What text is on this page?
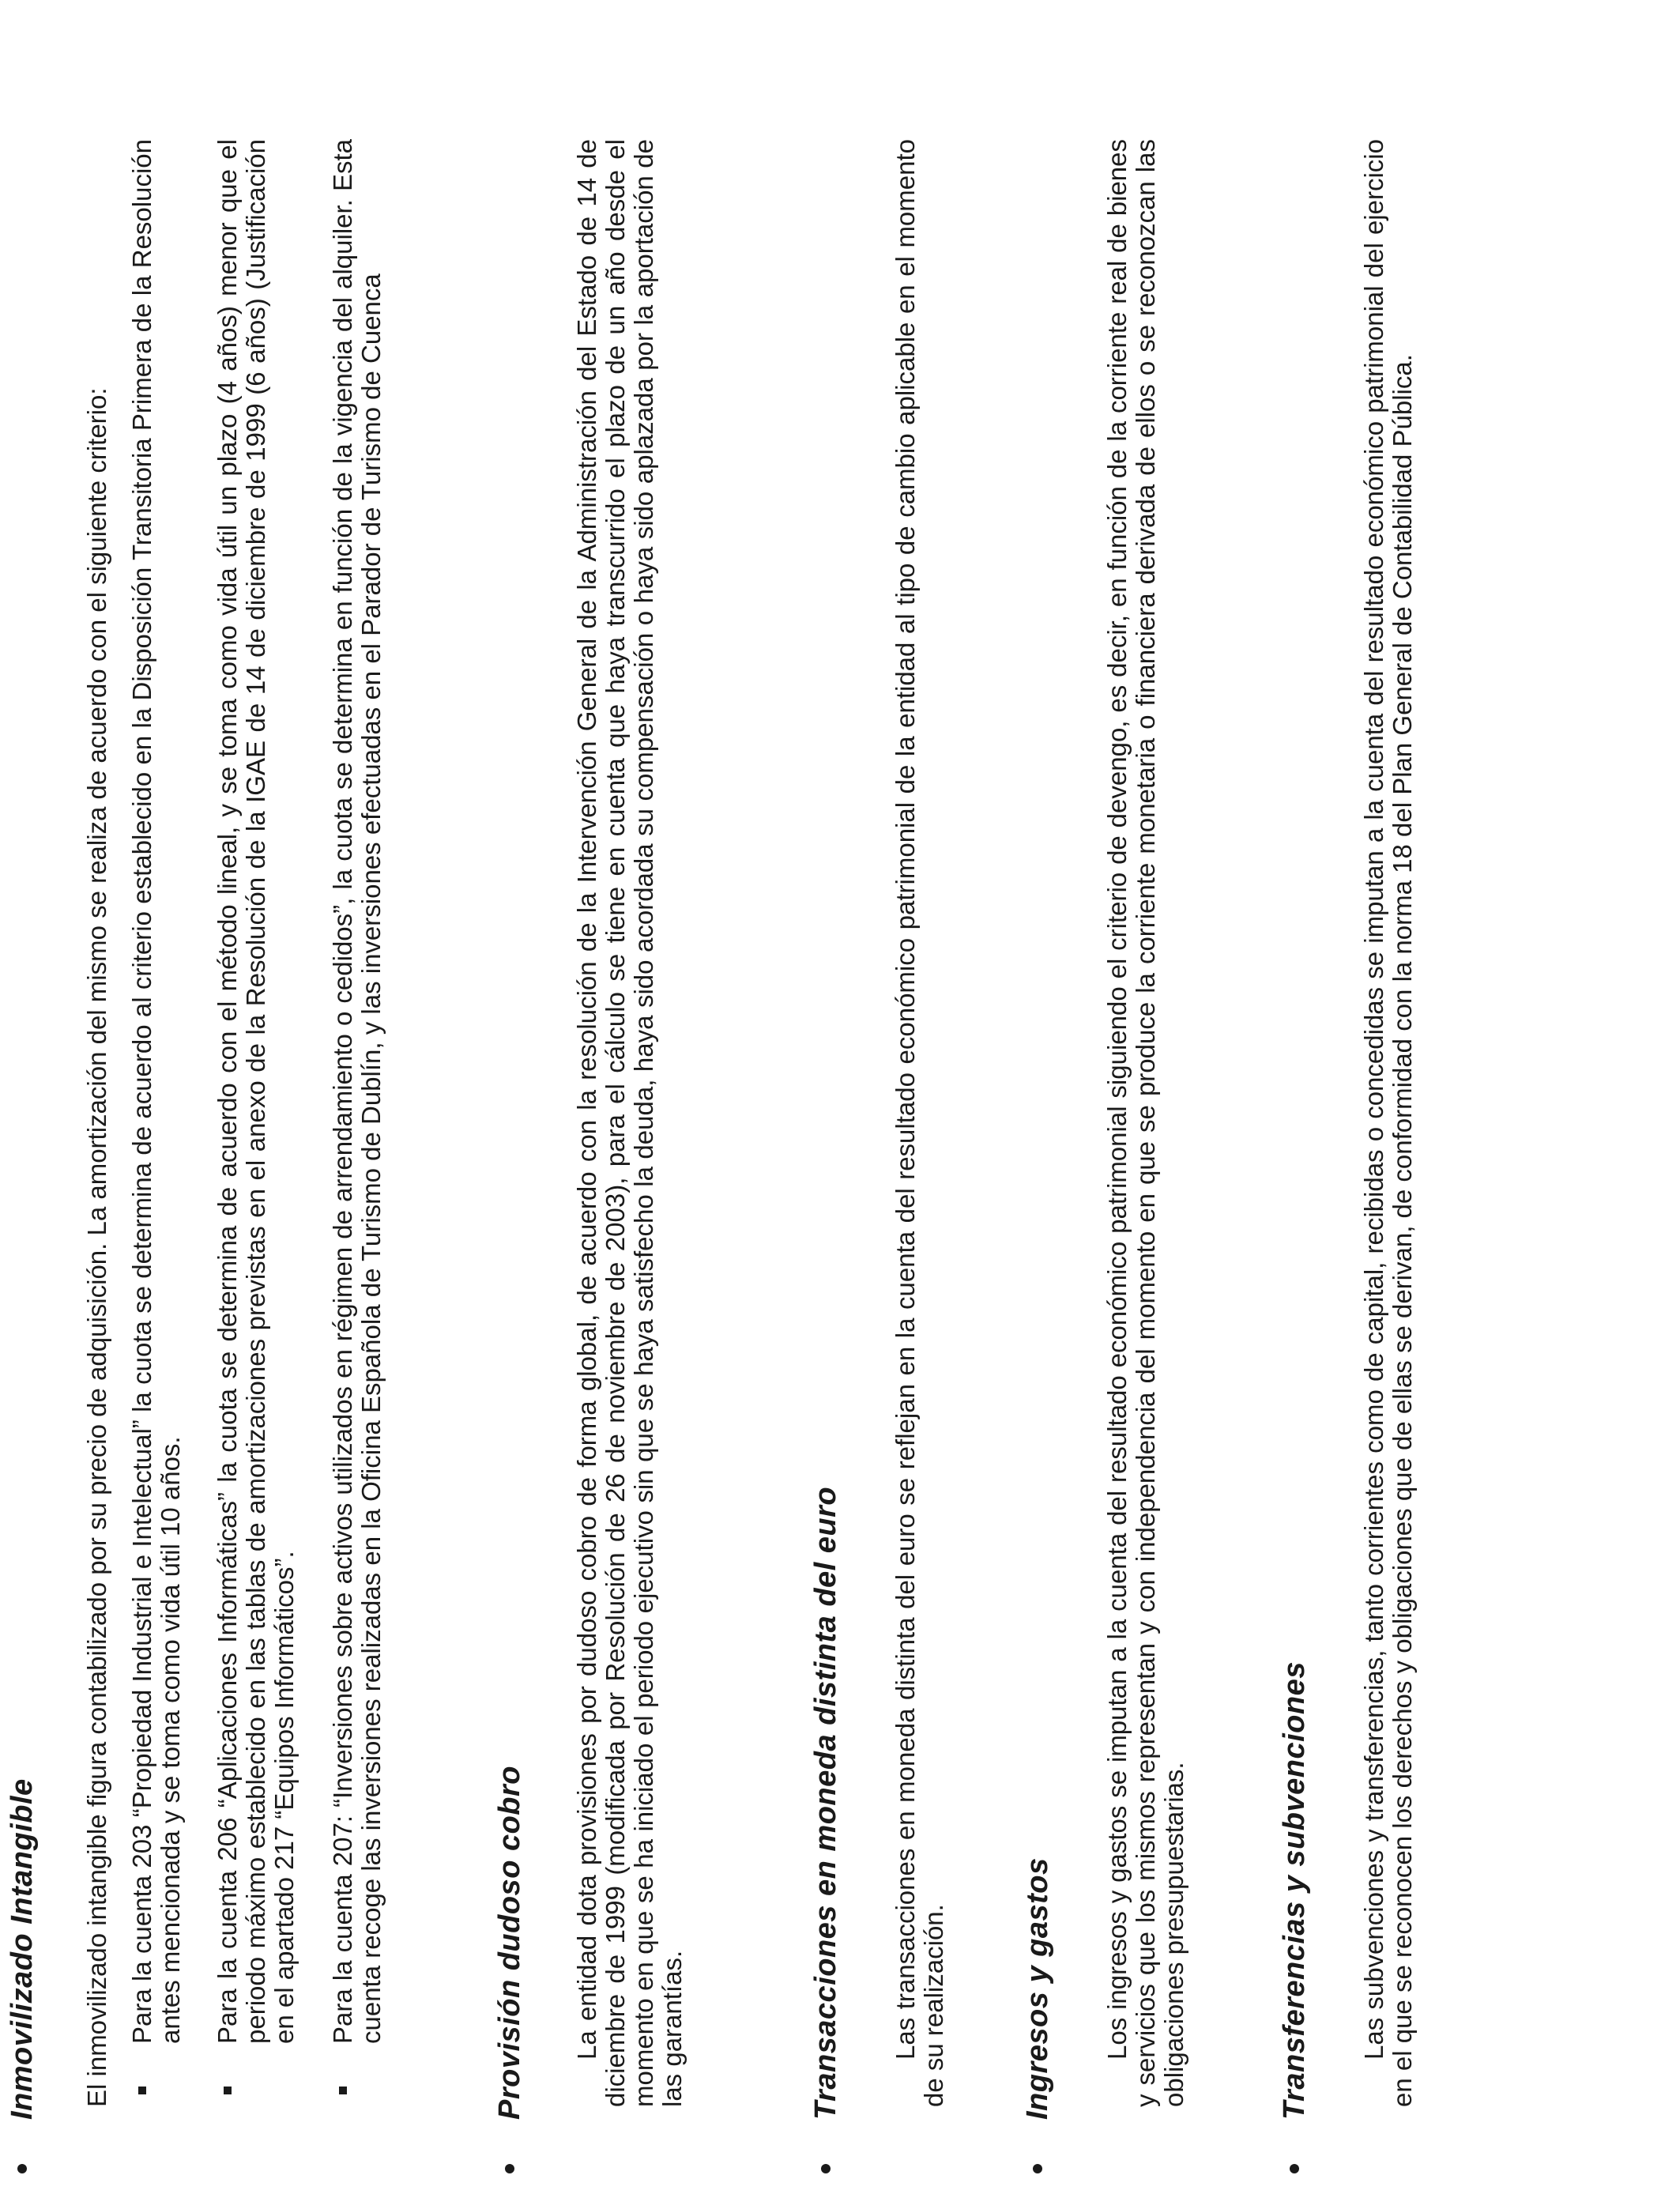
Inmovilizado Intangible El inmovilizado intangible figura contabilizado por su precio de adquisición. La amortización del mismo se realiza de acuerdo con el siguiente criterio: Para la cuenta 203 “Propiedad Industrial e Intelectual” la cuota se determina de acuerdo al criterio establecido en la Disposición Transitoria Primera de la Resolución antes mencionada y se toma como vida útil 10 años. Para la cuenta 206 “Aplicaciones Informáticas” la cuota se determina de acuerdo con el método lineal, y se toma como vida útil un plazo (4 años) menor que el periodo máximo establecido en las tablas de amortizaciones previstas en el anexo de la Resolución de la IGAE de 14 de diciembre de 1999 (6 años) (Justificación en el apartado 217 “Equipos Informáticos”. Para la cuenta 207: “Inversiones sobre activos utilizados en régimen de arrendamiento o cedidos”, la cuota se determina en función de la vigencia del alquiler. Esta cuenta recoge las inversiones realizadas en la Oficina Española de Turismo de Dublín, y las inversiones efectuadas en el Parador de Turismo de Cuenca	Provisión dudoso cobro La entidad dota provisiones por dudoso cobro de forma global, de acuerdo con la resolución de la Intervención General de la Administración del Estado de 14 de diciembre de 1999 (modificada por Resolución de 26 de noviembre de 2003), para el cálculo se tiene en cuenta que haya transcurrido el plazo de un año desde el momento en que se ha iniciado el periodo ejecutivo sin que se haya satisfecho la deuda, haya sido acordada su compensación o haya sido aplazada por la aportación de las garantías.	Transacciones en moneda distinta del euro Las transacciones en moneda distinta del euro se reflejan en la cuenta del resultado económico patrimonial de la entidad al tipo de cambio aplicable en el momento de su realización. Ingresos y gastos Los ingresos y gastos se imputan a la cuenta del resultado económico patrimonial siguiendo el criterio de devengo, es decir, en función de la corriente real de bienes y servicios que los mismos representan y con independencia del momento en que se produce la corriente monetaria o financiera derivada de ellos o se reconozcan las obligaciones presupuestarias.	Transferencias y subvenciones Las subvenciones y transferencias, tanto corrientes como de capital, recibidas o concedidas se imputan a la cuenta del resultado económico patrimonial del ejercicio en el que se reconocen los derechos y obligaciones que de ellas se derivan, de conformidad con la norma 18 del Plan General de Contabilidad Pública.
